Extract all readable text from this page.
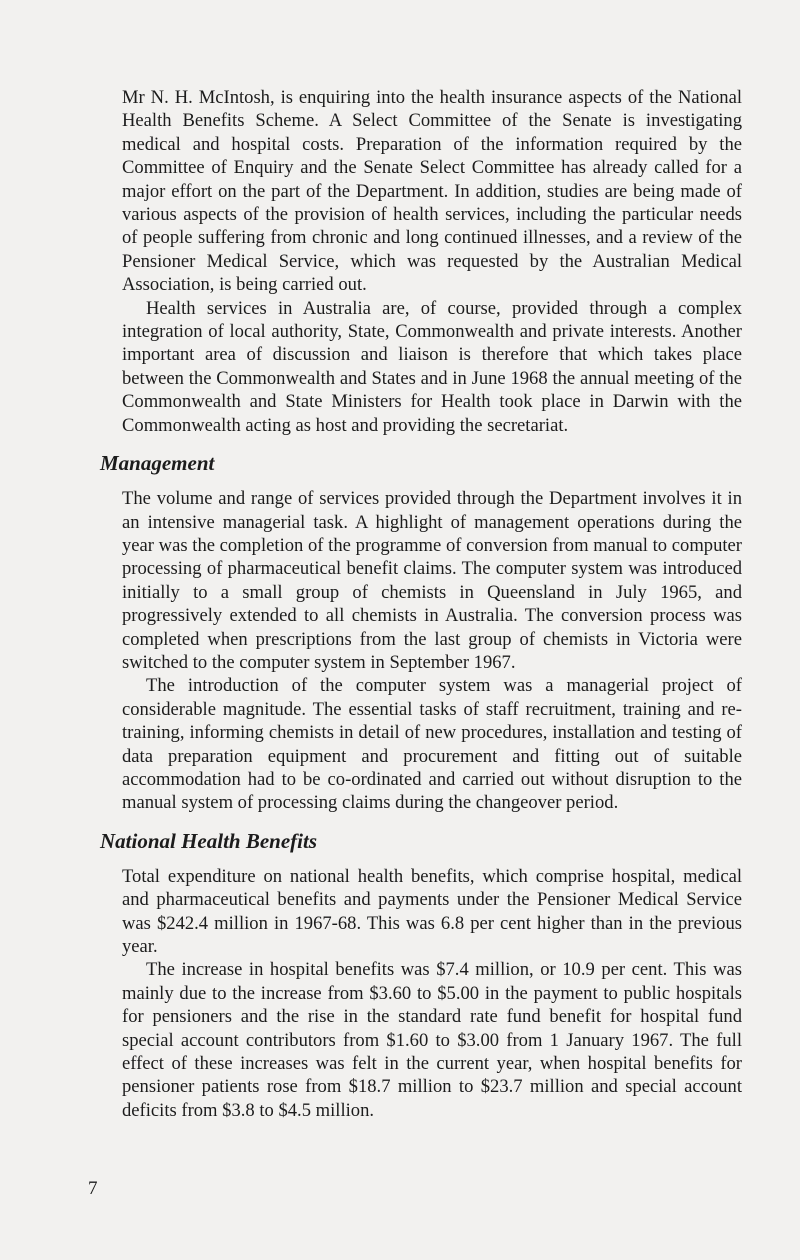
Mr N. H. McIntosh, is enquiring into the health insurance aspects of the National Health Benefits Scheme. A Select Committee of the Senate is investigating medical and hospital costs. Preparation of the information required by the Committee of Enquiry and the Senate Select Committee has already called for a major effort on the part of the Department. In addition, studies are being made of various aspects of the provision of health services, including the particular needs of people suffering from chronic and long continued illnesses, and a review of the Pensioner Medical Service, which was requested by the Australian Medical Association, is being carried out.

Health services in Australia are, of course, provided through a complex integration of local authority, State, Commonwealth and private interests. Another important area of discussion and liaison is therefore that which takes place between the Commonwealth and States and in June 1968 the annual meeting of the Commonwealth and State Ministers for Health took place in Darwin with the Commonwealth acting as host and providing the secretariat.

Management

The volume and range of services provided through the Department involves it in an intensive managerial task. A highlight of management operations during the year was the completion of the programme of conversion from manual to computer processing of pharmaceutical benefit claims. The computer system was introduced initially to a small group of chemists in Queensland in July 1965, and progressively extended to all chemists in Australia. The conversion process was completed when prescriptions from the last group of chemists in Victoria were switched to the computer system in September 1967.

The introduction of the computer system was a managerial project of considerable magnitude. The essential tasks of staff recruitment, training and re-training, informing chemists in detail of new procedures, installation and testing of data preparation equipment and procurement and fitting out of suitable accommodation had to be co-ordinated and carried out without disruption to the manual system of processing claims during the changeover period.

National Health Benefits

Total expenditure on national health benefits, which comprise hospital, medical and pharmaceutical benefits and payments under the Pensioner Medical Service was $242.4 million in 1967-68. This was 6.8 per cent higher than in the previous year.

The increase in hospital benefits was $7.4 million, or 10.9 per cent. This was mainly due to the increase from $3.60 to $5.00 in the payment to public hospitals for pensioners and the rise in the standard rate fund benefit for hospital fund special account contributors from $1.60 to $3.00 from 1 January 1967. The full effect of these increases was felt in the current year, when hospital benefits for pensioner patients rose from $18.7 million to $23.7 million and special account deficits from $3.8 to $4.5 million.

7
